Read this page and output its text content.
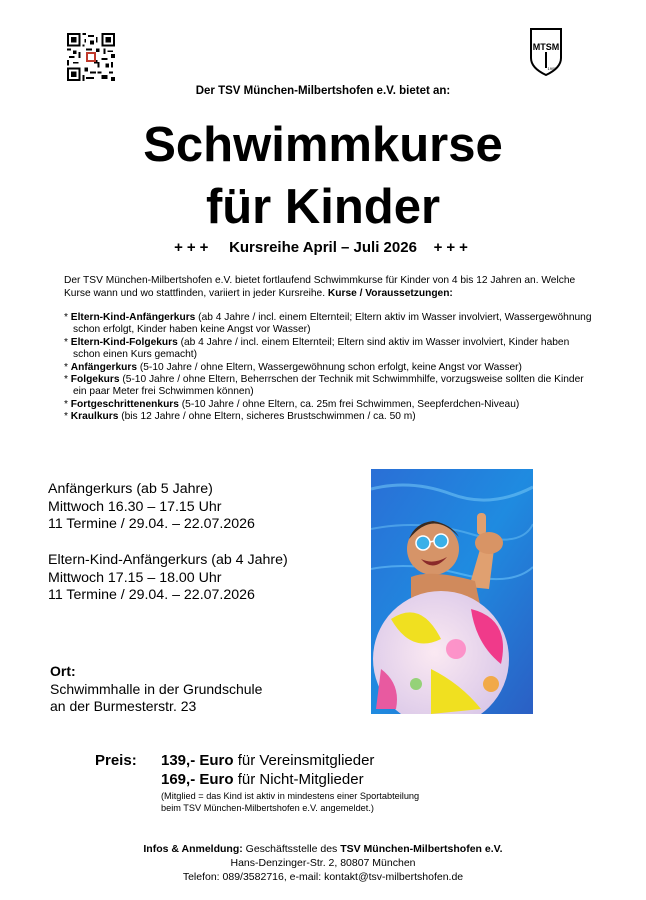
MTSM
1905
Der TSV München-Milbertshofen e.V. bietet an:
Schwimmkurse
für Kinder
+++ Kursreihe April – Juli 2026 +++
Der TSV München-Milbertshofen e.V. bietet fortlaufend Schwimmkurse für Kinder von 4 bis 12 Jahren an. Welche Kurse wann und wo stattfinden, variiert in jeder Kursreihe. Kurse / Voraussetzungen:
* Eltern-Kind-Anfängerkurs (ab 4 Jahre / incl. einem Elternteil; Eltern aktiv im Wasser involviert, Wassergewöhnung schon erfolgt, Kinder haben keine Angst vor Wasser)
* Eltern-Kind-Folgekurs (ab 4 Jahre / incl. einem Elternteil; Eltern sind aktiv im Wasser involviert, Kinder haben schon einen Kurs gemacht)
* Anfängerkurs (5-10 Jahre / ohne Eltern, Wassergewöhnung schon erfolgt, keine Angst vor Wasser)
* Folgekurs (5-10 Jahre / ohne Eltern, Beherrschen der Technik mit Schwimmhilfe, vorzugsweise sollten die Kinder ein paar Meter frei Schwimmen können)
* Fortgeschrittenenkurs (5-10 Jahre / ohne Eltern, ca. 25m frei Schwimmen, Seepferdchen-Niveau)
* Kraulkurs (bis 12 Jahre / ohne Eltern, sicheres Brustschwimmen / ca. 50 m)
Anfängerkurs (ab 5 Jahre)
Mittwoch 16.30 – 17.15 Uhr
11 Termine / 29.04. – 22.07.2026
Eltern-Kind-Anfängerkurs (ab 4 Jahre)
Mittwoch 17.15 – 18.00 Uhr
11 Termine / 29.04. – 22.07.2026
Ort:
Schwimmhalle in der Grundschule
an der Burmesterstr. 23
Preis: 139,- Euro für Vereinsmitglieder
169,- Euro für Nicht-Mitglieder
(Mitglied = das Kind ist aktiv in mindestens einer Sportabteilung
beim TSV München-Milbertshofen e.V. angemeldet.)
Infos & Anmeldung: Geschäftsstelle des TSV München-Milbertshofen e.V.
Hans-Denzinger-Str. 2, 80807 München
Telefon: 089/3582716, e-mail: kontakt@tsv-milbertshofen.de
